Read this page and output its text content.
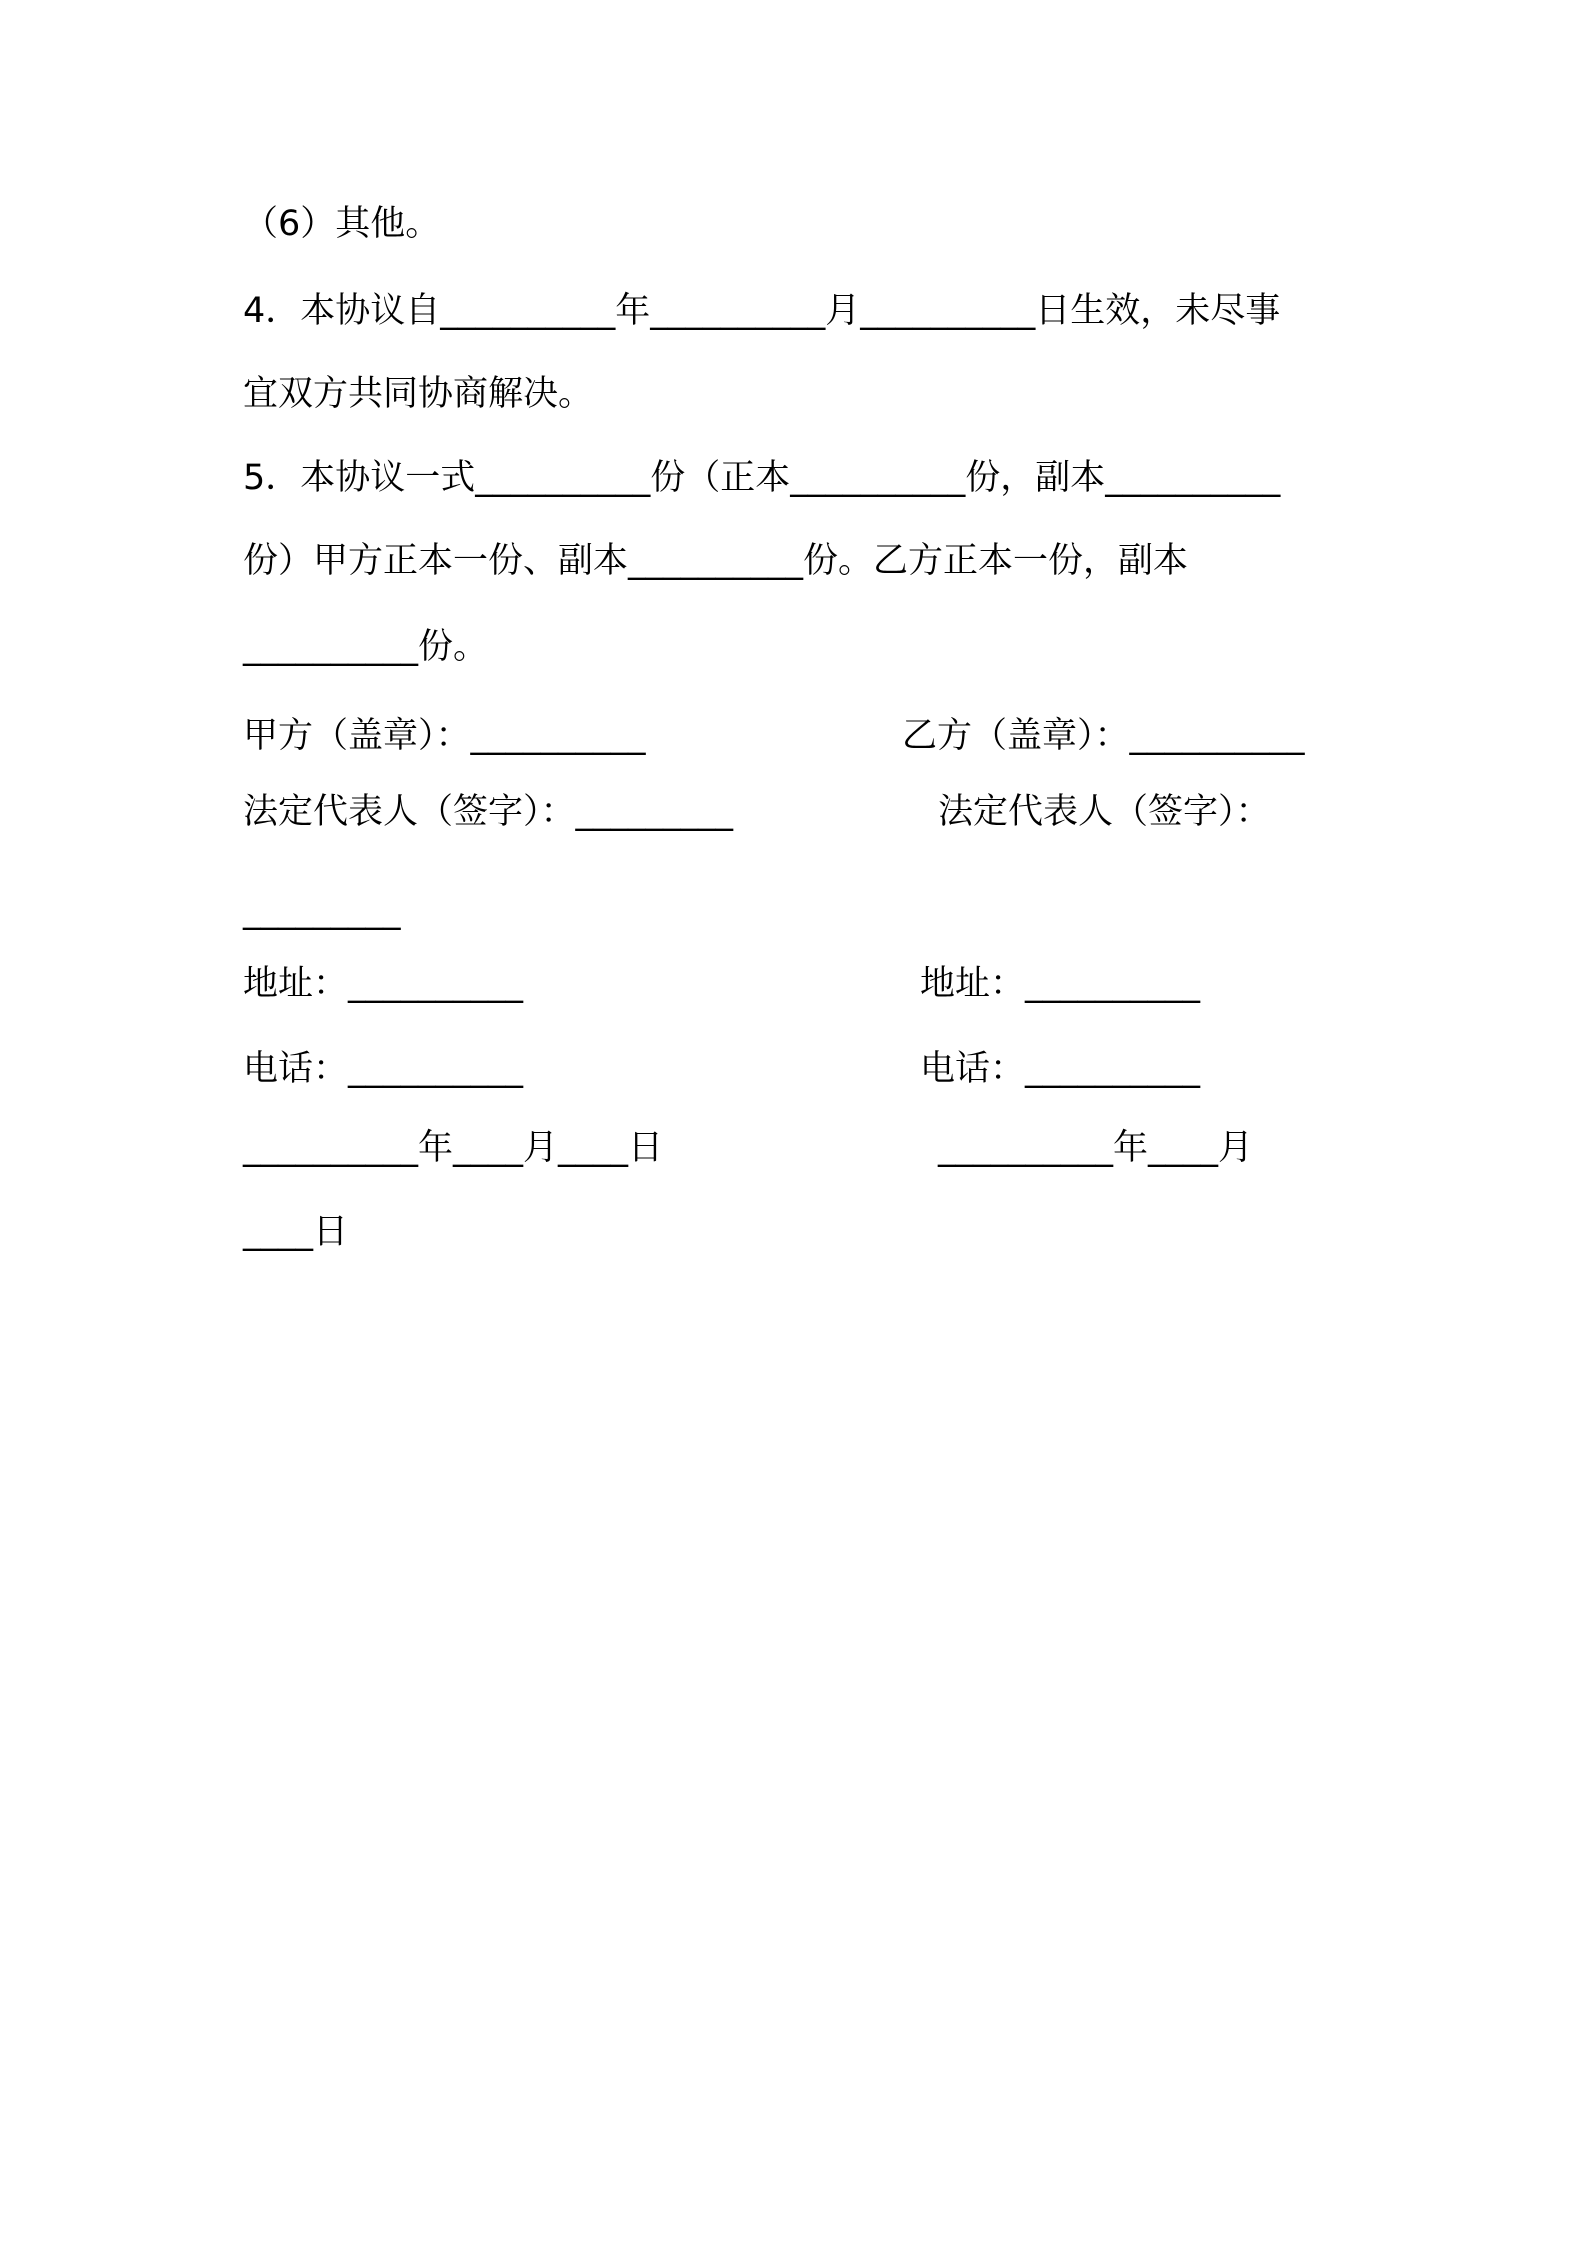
（6）其他。
4．本协议自__________年__________月__________日生效，未尽事
宜双方共同协商解决。
5．本协议一式__________份（正本__________份，副本__________
份）甲方正本一份、副本__________份。乙方正本一份，副本
__________份。
甲方（盖章）：__________
法定代表人（签字）：_________
_________
地址：__________
电话：__________
__________年____月____日
乙方（盖章）：__________
法定代表人（签字）：
地址：__________
电话：__________
__________年____月
____日
